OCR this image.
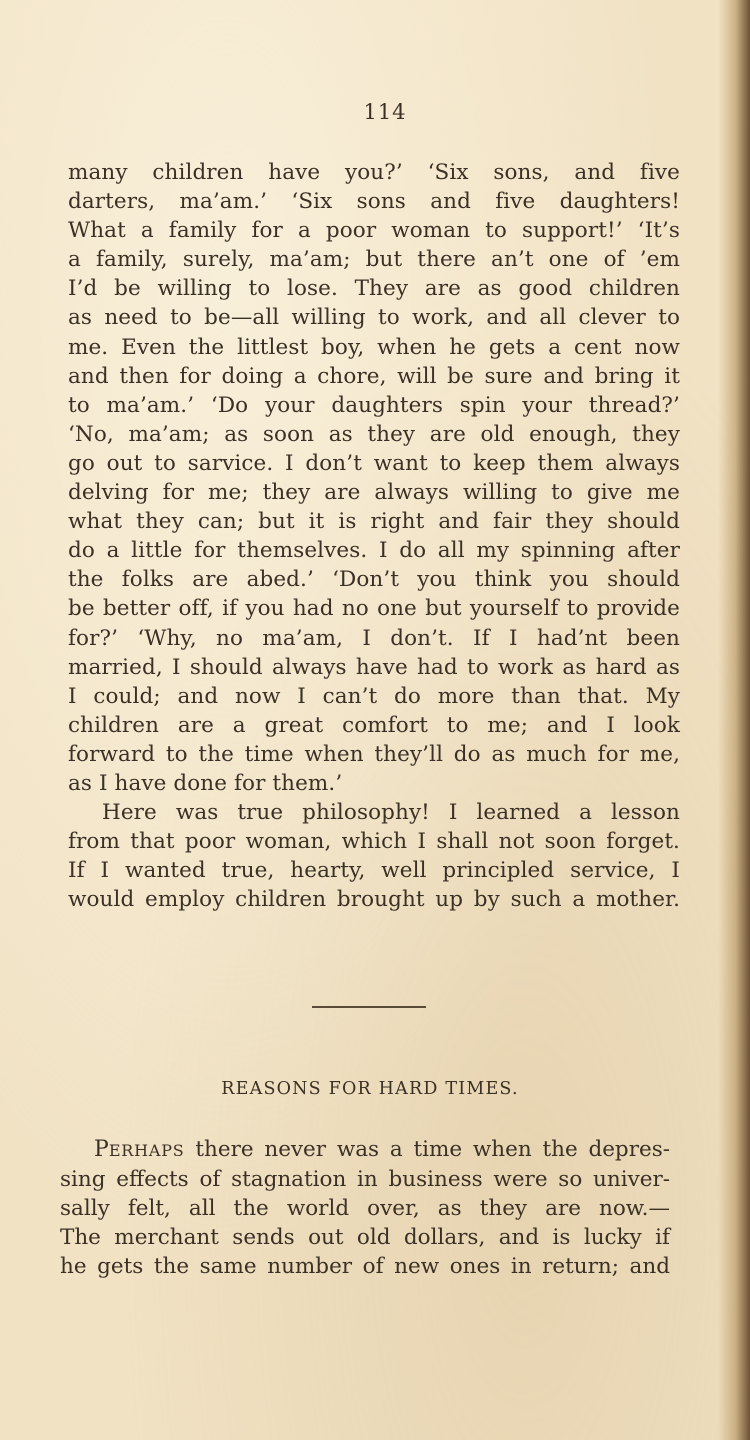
114
many children have you?’ ‘Six sons, and five
darters, ma’am.’ ‘Six sons and five daughters!
What a family for a poor woman to support!’ ‘It’s
a family, surely, ma’am; but there an’t one of ’em
I’d be willing to lose. They are as good children
as need to be—all willing to work, and all clever to
me. Even the littlest boy, when he gets a cent now
and then for doing a chore, will be sure and bring it
to ma’am.’ ‘Do your daughters spin your thread?’
‘No, ma’am; as soon as they are old enough, they
go out to sarvice. I don’t want to keep them always
delving for me; they are always willing to give me
what they can; but it is right and fair they should
do a little for themselves. I do all my spinning after
the folks are abed.’ ‘Don’t you think you should
be better off, if you had no one but yourself to provide
for?’ ‘Why, no ma’am, I don’t. If I had’nt been
married, I should always have had to work as hard as
I could; and now I can’t do more than that. My
children are a great comfort to me; and I look
forward to the time when they’ll do as much for me,
as I have done for them.’
Here was true philosophy! I learned a lesson
from that poor woman, which I shall not soon forget.
If I wanted true, hearty, well principled service, I
would employ children brought up by such a mother.
REASONS FOR HARD TIMES.
PERHAPS there never was a time when the depres-
sing effects of stagnation in business were so univer-
sally felt, all the world over, as they are now.—
The merchant sends out old dollars, and is lucky if
he gets the same number of new ones in return; and
